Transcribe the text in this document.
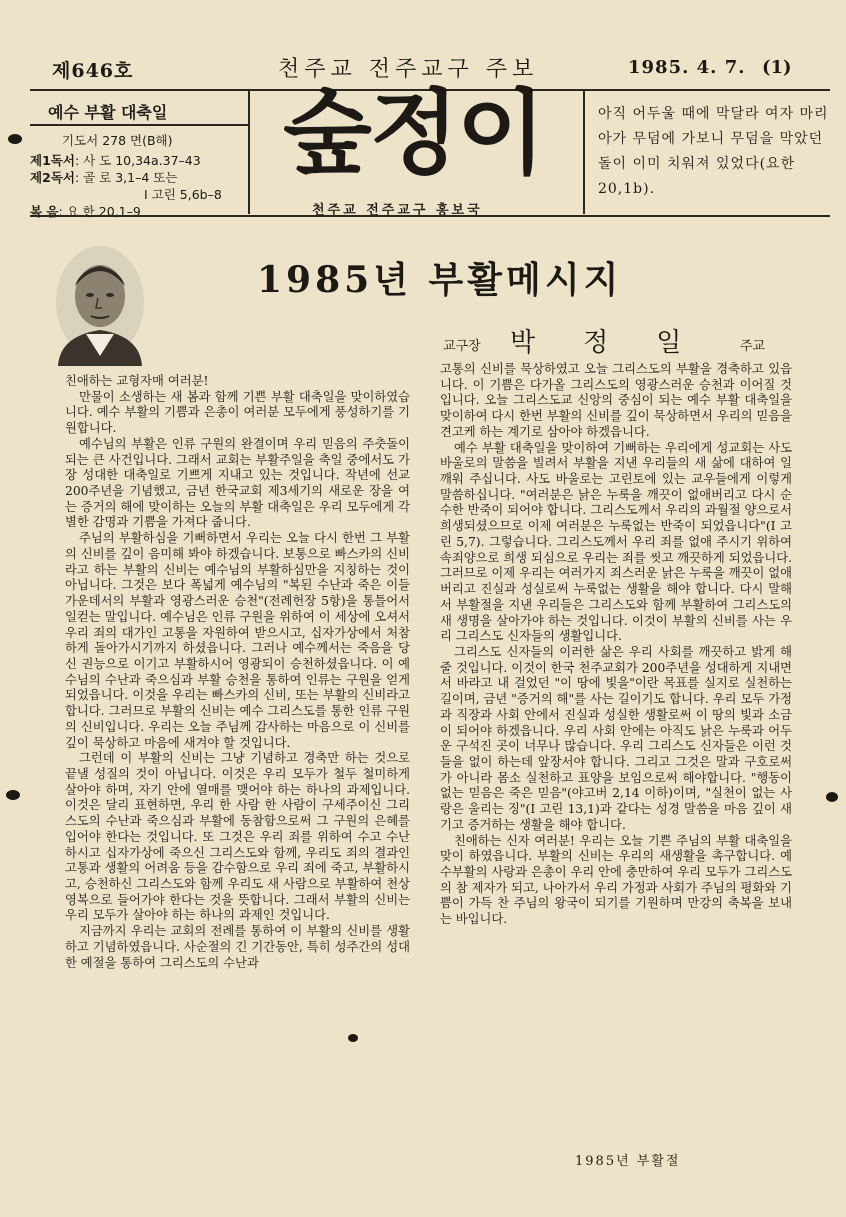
제646호	천주교 전주교구 주보	1985. 4. 7. (1)
예수 부활 대축일
기도서 278 면(B해)
제1독서: 사 도 10,34a.37–43
제2독서: 골 로 3,1–4 또는
I 고린 5,6b–8
복 음: 요 한 20,1–9
숲정이
천주교 전주교구 홍보국
아직 어두울 때에 막달라 여자 마리아가 무덤에 가보니 무덤을 막았던 돌이 이미 치워져 있었다(요한 20,1b).
1985년 부활메시지
교구장 박정일 주교

친애하는 교형자매 여러분!

만물이 소생하는 새 봄과 함께 기쁜 부활 대축일을 맞이하였습니다. 예수 부활의 기쁨과 은총이 여러분 모두에게 풍성하기를 기원합니다.

예수님의 부활은 인류 구원의 완결이며 우리 믿음의 주춧돌이 되는 큰 사건입니다. 그래서 교회는 부활주일을 축일 중에서도 가장 성대한 대축일로 기쁘게 지내고 있는 것입니다. 작년에 선교 200주년을 기념했고, 금년 한국교회 제3세기의 새로운 장을 여는 증거의 해에 맞이하는 오늘의 부활 대축일은 우리 모두에게 각별한 감명과 기쁨을 가져다 줍니다.

주님의 부활하심을 기뻐하면서 우리는 오늘 다시 한번 그 부활의 신비를 깊이 음미해 봐야 하겠습니다. 보통으로 빠스카의 신비라고 하는 부활의 신비는 예수님의 부활하심만을 지칭하는 것이 아닙니다. 그것은 보다 폭넓게 예수님의 "복된 수난과 죽은 이들 가운데서의 부활과 영광스러운 승천"(전례헌장 5항)을 통틀어서 일컫는 말입니다. 예수님은 인류 구원을 위하여 이 세상에 오셔서 우리 죄의 대가인 고통을 자원하여 받으시고, 십자가상에서 처참하게 돌아가시기까지 하셨읍니다. 그러나 예수께서는 죽음을 당신 권능으로 이기고 부활하시어 영광되이 승천하셨읍니다. 이 예수님의 수난과 죽으심과 부활 승천을 통하여 인류는 구원을 얻게 되었읍니다. 이것을 우리는 빠스카의 신비, 또는 부활의 신비라고 합니다. 그러므로 부활의 신비는 예수 그리스도를 통한 인류 구원의 신비입니다. 우리는 오늘 주님께 감사하는 마음으로 이 신비를 깊이 묵상하고 마음에 새겨야 할 것입니다.

그런데 이 부활의 신비는 그냥 기념하고 경축만 하는 것으로 끝낼 성질의 것이 아닙니다. 이것은 우리 모두가 철두 철미하게 살아야 하며, 자기 안에 열매를 맺어야 하는 하나의 과제입니다. 이것은 달리 표현하면, 우리 한 사람 한 사람이 구세주이신 그리스도의 수난과 죽으심과 부활에 동참함으로써 그 구원의 은혜를 입어야 한다는 것입니다. 또 그것은 우리 죄를 위하여 수고 수난하시고 십자가상에 죽으신 그리스도와 함께, 우리도 죄의 결과인 고통과 생활의 어려움 등을 감수함으로 우리 죄에 죽고, 부활하시고, 승천하신 그리스도와 함께 우리도 새 사람으로 부활하여 천상 영복으로 들어가야 한다는 것을 뜻합니다. 그래서 부활의 신비는 우리 모두가 살아야 하는 하나의 과제인 것입니다.

지금까지 우리는 교회의 전례를 통하여 이 부활의 신비를 생활하고 기념하였읍니다. 사순절의 긴 기간동안, 특히 성주간의 성대한 예절을 통하여 그리스도의 수난과

고통의 신비를 묵상하였고 오늘 그리스도의 부활을 경축하고 있읍니다. 이 기쁨은 다가올 그리스도의 영광스러운 승천과 이어질 것입니다. 오늘 그리스도교 신앙의 중심이 되는 예수 부활 대축일을 맞이하여 다시 한번 부활의 신비를 깊이 묵상하면서 우리의 믿음을 견고케 하는 계기로 삼아야 하겠읍니다.

예수 부활 대축일을 맞이하여 기뻐하는 우리에게 성교회는 사도 바울로의 말씀을 빌려서 부활을 지낸 우리들의 새 삶에 대하여 일깨워 주십니다. 사도 바울로는 고린토에 있는 교우들에게 이렇게 말씀하십니다. "여러분은 낡은 누룩을 깨끗이 없애버리고 다시 순수한 반죽이 되어야 합니다. 그리스도께서 우리의 과월절 양으로서 희생되셨으므로 이제 여러분은 누룩없는 반죽이 되었읍니다"(I 고린 5,7). 그렇습니다. 그리스도께서 우리 죄를 없애 주시기 위하여 속죄양으로 희생 되심으로 우리는 죄를 씻고 깨끗하게 되었읍니다. 그러므로 이제 우리는 여러가지 죄스러운 낡은 누룩을 깨끗이 없애버리고 진실과 성실로써 누룩없는 생활을 해야 합니다. 다시 말해서 부활절을 지낸 우리들은 그리스도와 함께 부활하여 그리스도의 새 생명을 살아가야 하는 것입니다. 이것이 부활의 신비를 사는 우리 그리스도 신자들의 생활입니다.

그리스도 신자들의 이러한 삶은 우리 사회를 깨끗하고 밝게 해 줄 것입니다. 이것이 한국 천주교회가 200주년을 성대하게 지내면서 바라고 내 걸었던 "이 땅에 빛을"이란 목표를 실지로 실천하는 길이며, 금년 "증거의 해"를 사는 길이기도 합니다. 우리 모두 가정과 직장과 사회 안에서 진실과 성실한 생활로써 이 땅의 빛과 소금이 되어야 하겠읍니다. 우리 사회 안에는 아직도 낡은 누룩과 어두운 구석진 곳이 너무나 많습니다. 우리 그리스도 신자들은 이런 것들을 없이 하는데 앞장서야 합니다. 그리고 그것은 말과 구호로써가 아니라 몸소 실천하고 표양을 보임으로써 해야합니다. "행동이 없는 믿음은 죽은 믿음"(야고버 2,14 이하)이며, "실천이 없는 사랑은 울리는 징"(I 고린 13,1)과 같다는 성경 말씀을 마음 깊이 새기고 증거하는 생활을 해야 합니다.

친애하는 신자 여러분! 우리는 오늘 기쁜 주님의 부활 대축일을 맞이 하였읍니다. 부활의 신비는 우리의 새생활을 촉구합니다. 예수부활의 사랑과 은총이 우리 안에 충만하여 우리 모두가 그리스도의 참 제자가 되고, 나아가서 우리 가정과 사회가 주님의 평화와 기쁨이 가득 찬 주님의 왕국이 되기를 기원하며 만강의 축복을 보내는 바입니다.

1985년 부활절
